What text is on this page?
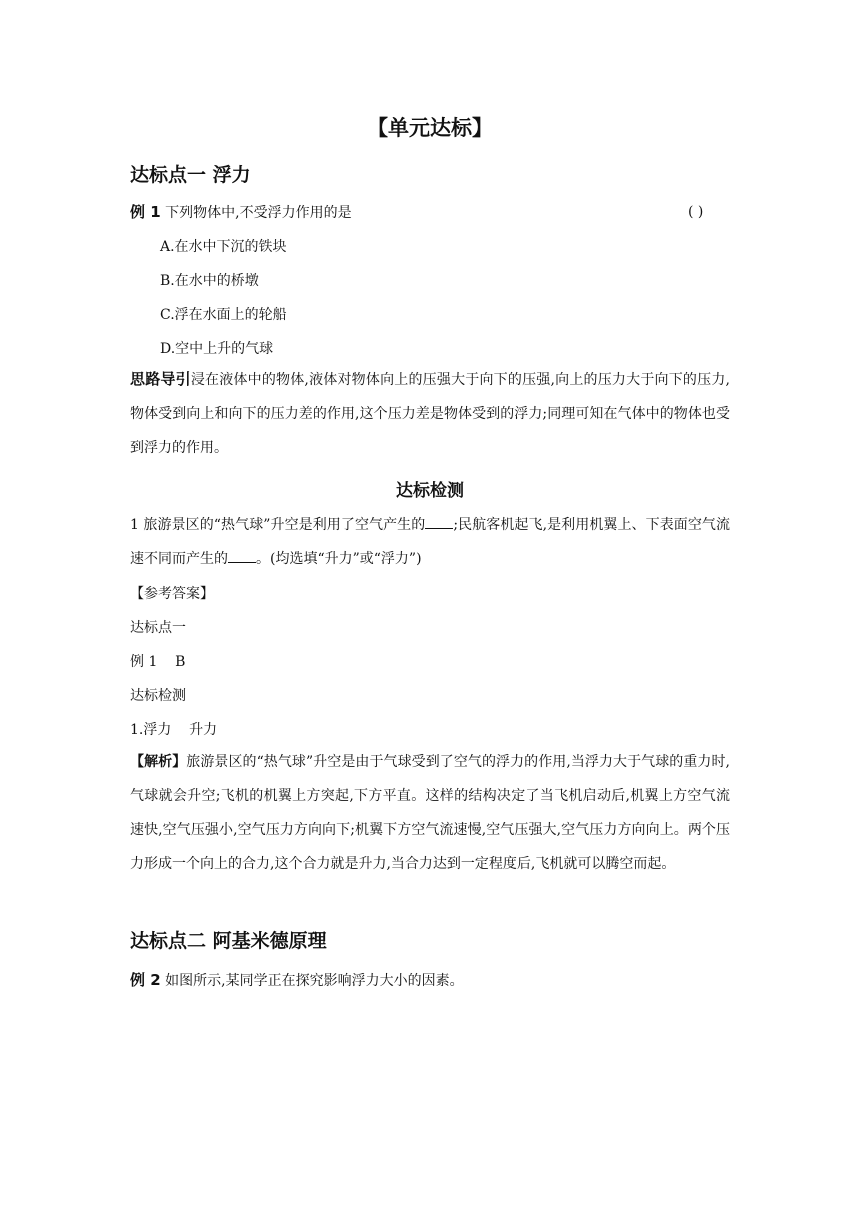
【单元达标】
达标点一 浮力
例 1 下列物体中,不受浮力作用的是	( )
A.在水中下沉的铁块
B.在水中的桥墩
C.浮在水面上的轮船
D.空中上升的气球
思路导引浸在液体中的物体,液体对物体向上的压强大于向下的压强,向上的压力大于向下的压力,物体受到向上和向下的压力差的作用,这个压力差是物体受到的浮力;同理可知在气体中的物体也受到浮力的作用。
达标检测
1 旅游景区的“热气球”升空是利用了空气产生的 ;民航客机起飞,是利用机翼上、下表面空气流速不同而产生的 。(均选填“升力”或“浮力”)
【参考答案】
达标点一
例 1    B
达标检测
1.浮力    升力
【解析】旅游景区的“热气球”升空是由于气球受到了空气的浮力的作用,当浮力大于气球的重力时,气球就会升空;飞机的机翼上方突起,下方平直。这样的结构决定了当飞机启动后,机翼上方空气流速快,空气压强小,空气压力方向向下;机翼下方空气流速慢,空气压强大,空气压力方向向上。两个压力形成一个向上的合力,这个合力就是升力,当合力达到一定程度后,飞机就可以腾空而起。
达标点二 阿基米德原理
例 2 如图所示,某同学正在探究影响浮力大小的因素。
